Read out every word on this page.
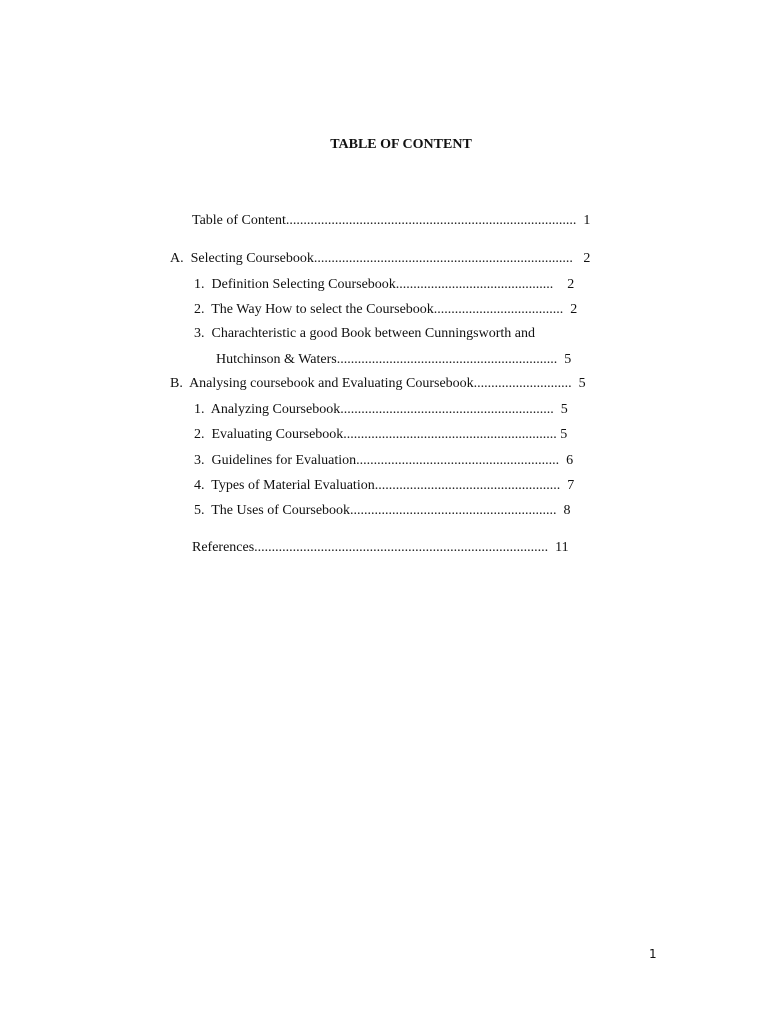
TABLE OF CONTENT
Table of Content...................................................................................  1
A.  Selecting Coursebook..........................................................................   2
1.  Definition Selecting Coursebook.............................................    2
2.  The Way How to select the Coursebook.....................................  2
3.  Charachteristic a good Book between Cunningsworth and
Hutchinson & Waters...............................................................  5
B.  Analysing coursebook and Evaluating Coursebook............................  5
1.  Analyzing Coursebook.............................................................  5
2.  Evaluating Coursebook............................................................. 5
3.  Guidelines for Evaluation..........................................................  6
4.  Types of Material Evaluation.....................................................  7
5.  The Uses of Coursebook...........................................................  8
References....................................................................................  11
1
